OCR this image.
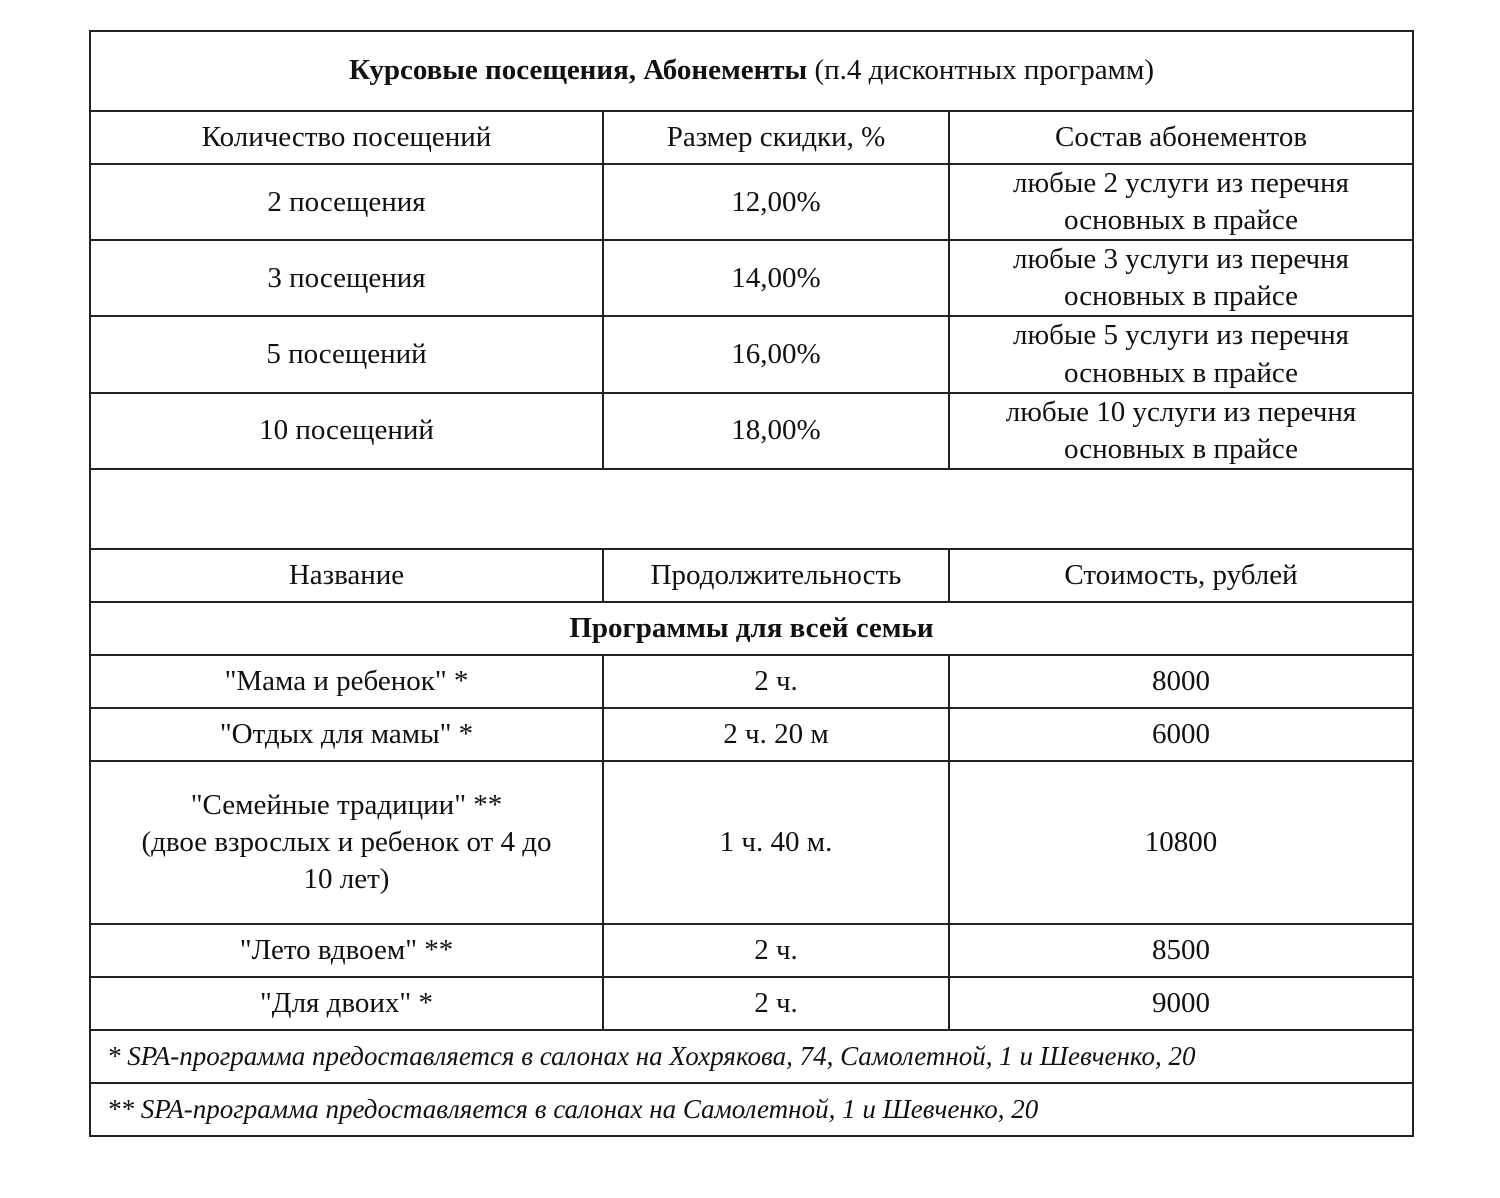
Курсовые посещения, Абонементы (п.4 дисконтных программ)		
Количество посещений	Размер скидки, %	Состав абонементов
2 посещения	12,00%	любые 2 услуги из перечня
основных в прайсе

3 посещения	14,00%	любые 3 услуги из перечня
основных в прайсе

5 посещений	16,00%	любые 5 услуги из перечня
основных в прайсе

10 посещений	18,00%	любые 10 услуги из перечня
основных в прайсе

Название	Продолжительность	Стоимость, рублей
Программы для всей семьи		
"Мама и ребенок" *	2 ч.	8000
"Отдых для мамы" *	2 ч. 20 м	6000

"Семейные традиции" **
(двое взрослых и ребенок от 4 до
10 лет)	1 ч. 40 м.	10800
"Лето вдвоем" **	2 ч.	8500
"Для двоих" *	2 ч.	9000
* SPA-программа предоставляется в салонах на Хохрякова, 74, Самолетной, 1 и Шевченко, 20		
** SPA-программа предоставляется в салонах на Самолетной, 1 и Шевченко, 20		
